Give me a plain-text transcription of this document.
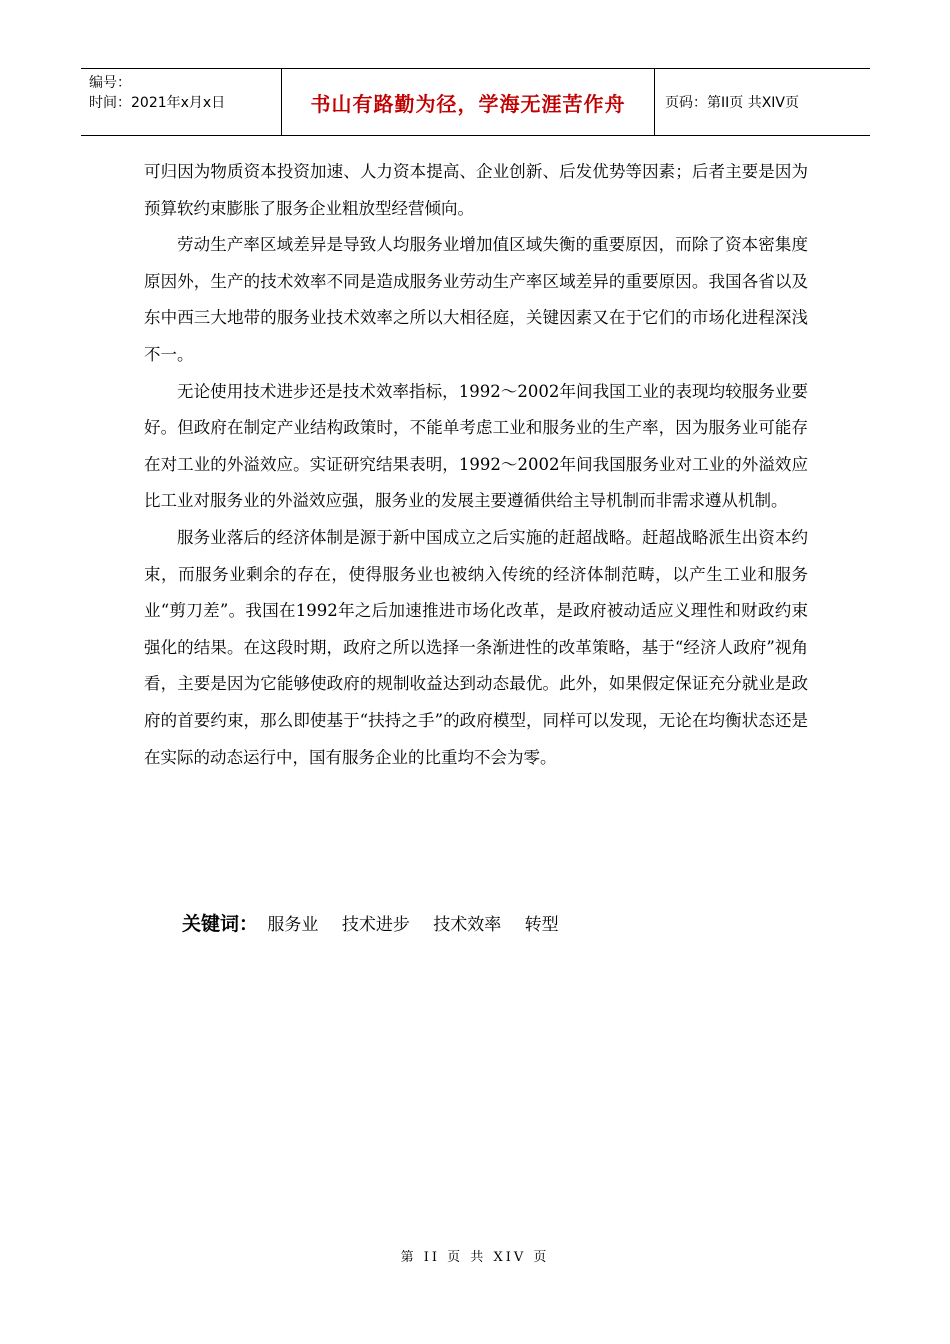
编号：
时间：2021年x月x日	书山有路勤为径，学海无涯苦作舟	页码：第II页 共XIV页

可归因为物质资本投资加速、人力资本提高、企业创新、后发优势等因素；后者主要是因为预算软约束膨胀了服务企业粗放型经营倾向。

劳动生产率区域差异是导致人均服务业增加值区域失衡的重要原因，而除了资本密集度原因外，生产的技术效率不同是造成服务业劳动生产率区域差异的重要原因。我国各省以及东中西三大地带的服务业技术效率之所以大相径庭，关键因素又在于它们的市场化进程深浅不一。

无论使用技术进步还是技术效率指标，1992～2002年间我国工业的表现均较服务业要好。但政府在制定产业结构政策时，不能单考虑工业和服务业的生产率，因为服务业可能存在对工业的外溢效应。实证研究结果表明，1992～2002年间我国服务业对工业的外溢效应比工业对服务业的外溢效应强，服务业的发展主要遵循供给主导机制而非需求遵从机制。

服务业落后的经济体制是源于新中国成立之后实施的赶超战略。赶超战略派生出资本约束，而服务业剩余的存在，使得服务业也被纳入传统的经济体制范畴，以产生工业和服务业“剪刀差”。我国在1992年之后加速推进市场化改革，是政府被动适应义理性和财政约束强化的结果。在这段时期，政府之所以选择一条渐进性的改革策略，基于“经济人政府”视角看，主要是因为它能够使政府的规制收益达到动态最优。此外，如果假定保证充分就业是政府的首要约束，那么即使基于“扶持之手”的政府模型，同样可以发现，无论在均衡状态还是在实际的动态运行中，国有服务企业的比重均不会为零。

关键词： 服务业 技术进步 技术效率 转型
第 II 页 共 XIV 页
